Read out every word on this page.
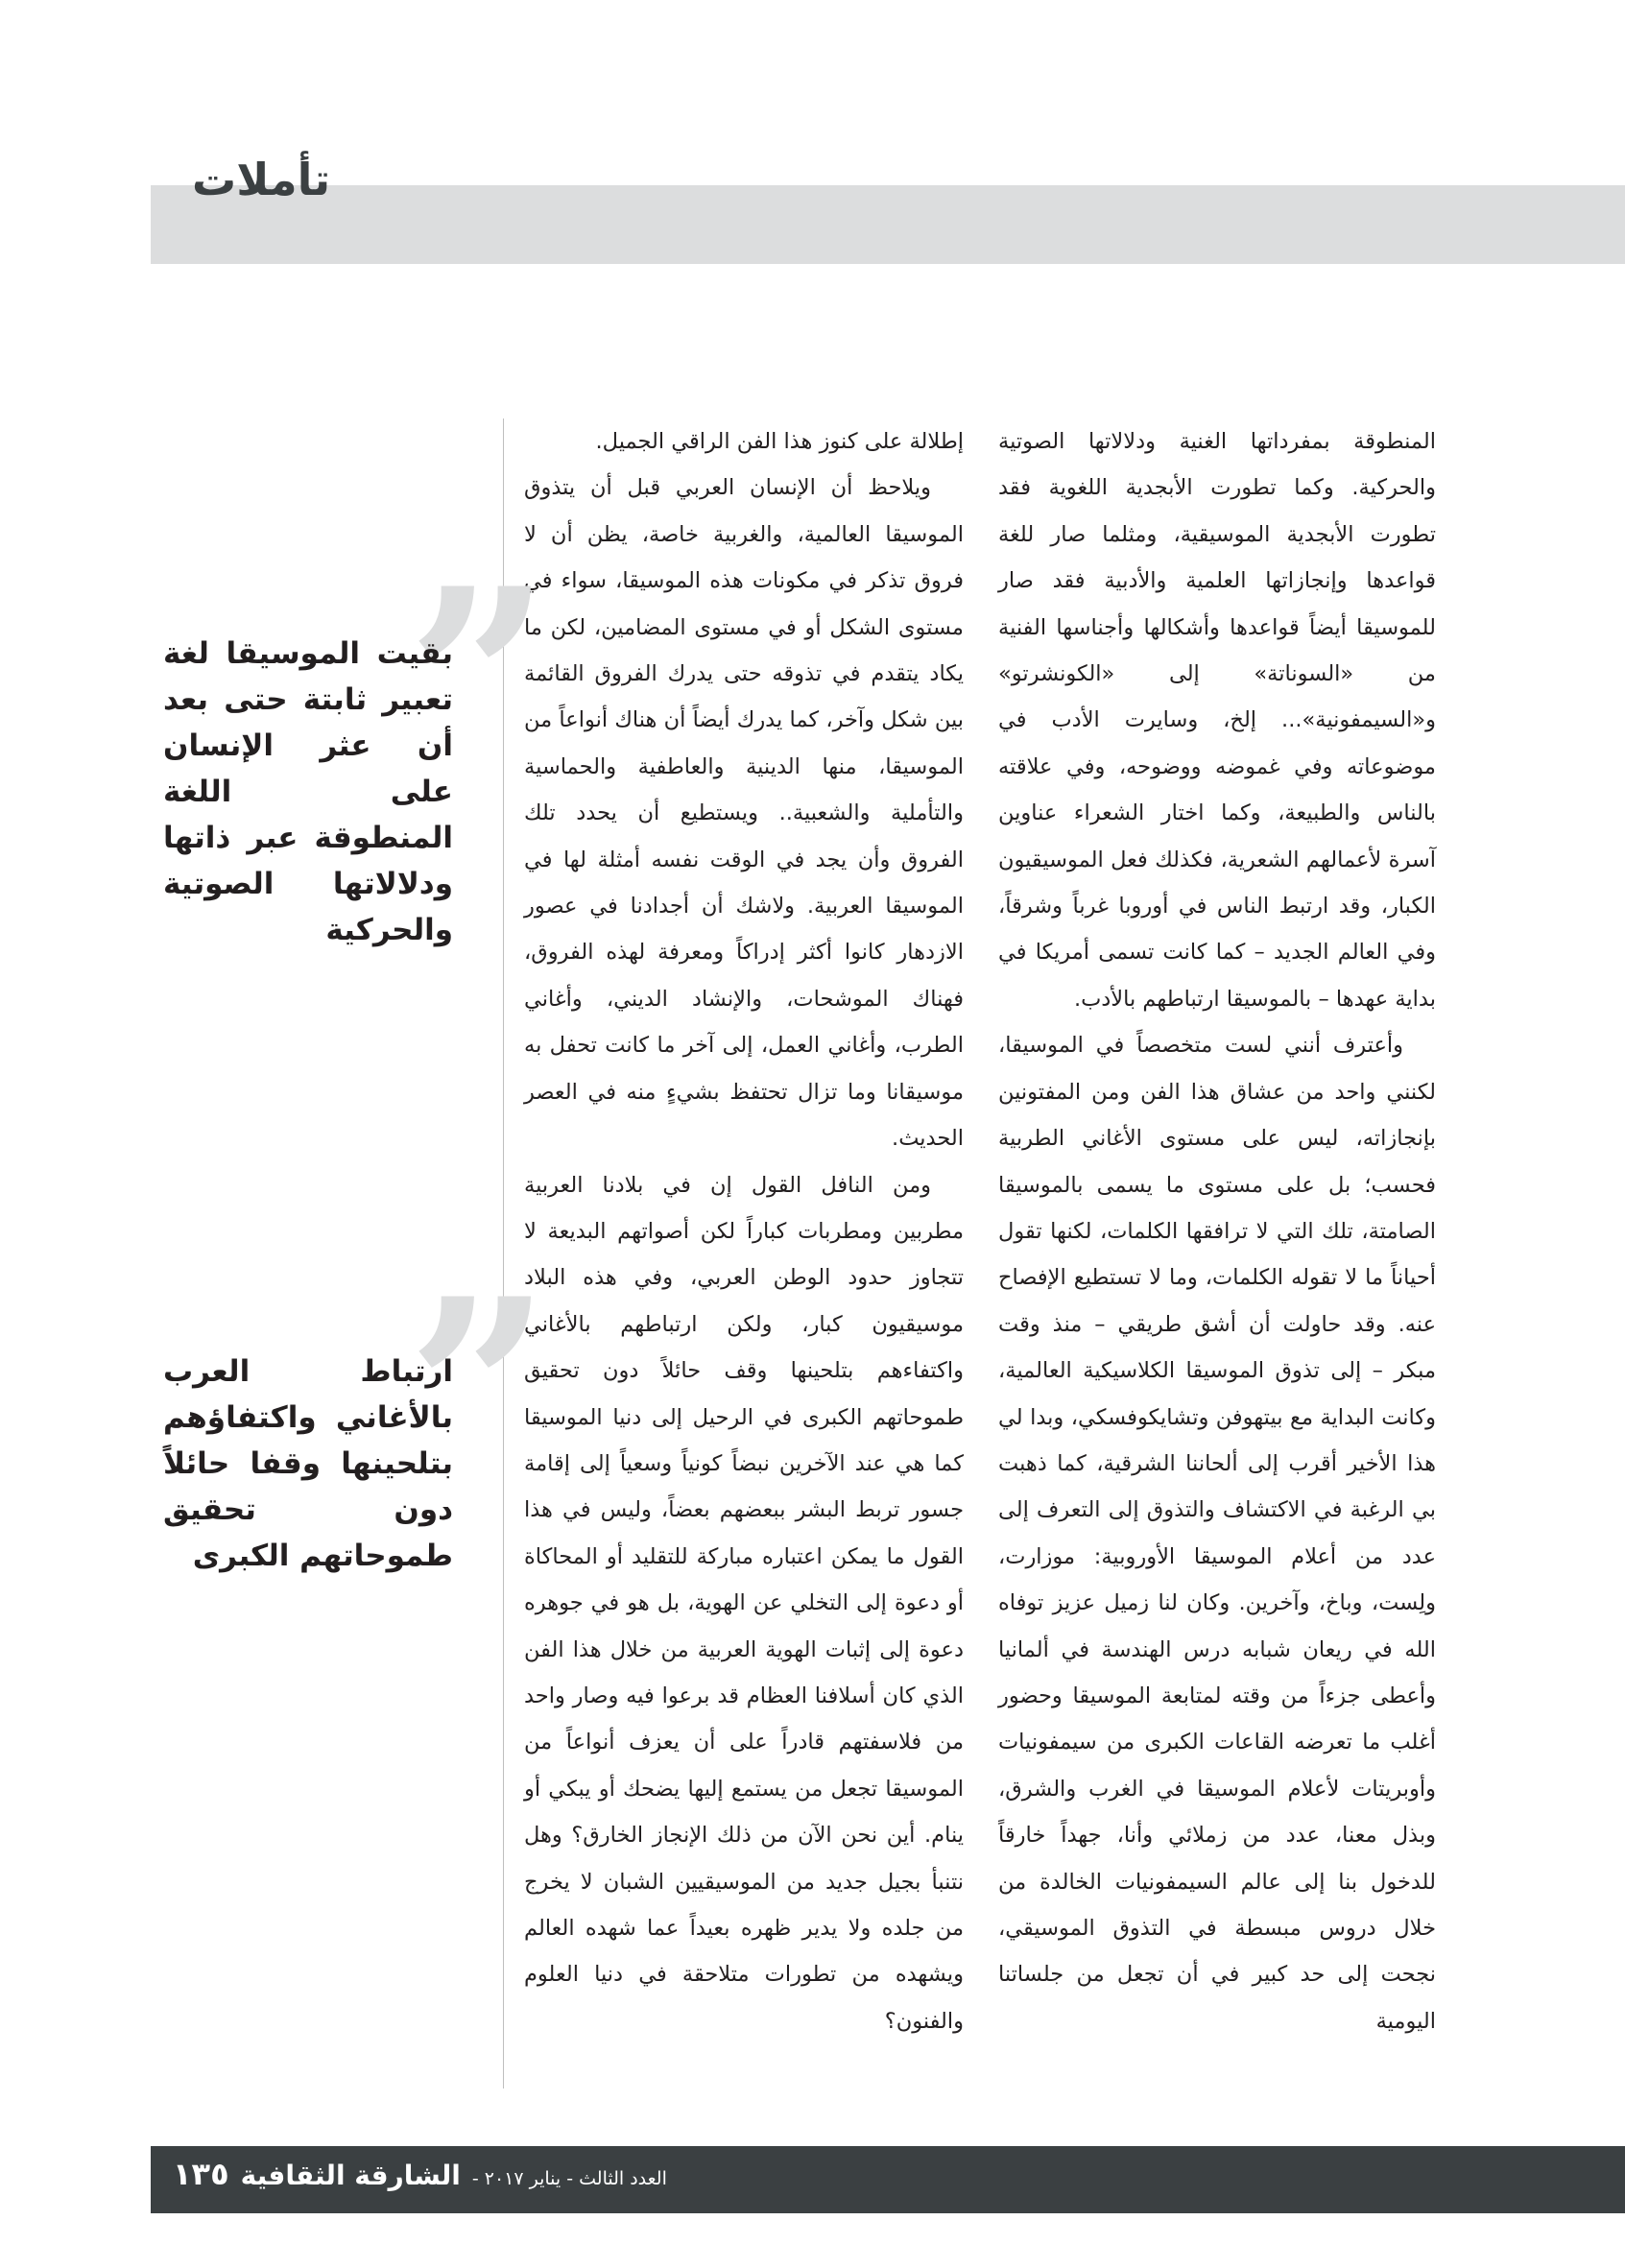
تأملات

المنطوقة بمفرداتها الغنية ودلالاتها الصوتية والحركية. وكما تطورت الأبجدية اللغوية فقد تطورت الأبجدية الموسيقية، ومثلما صار للغة قواعدها وإنجازاتها العلمية والأدبية فقد صار للموسيقا أيضاً قواعدها وأشكالها وأجناسها الفنية من «السوناتة» إلى «الكونشرتو» و«السيمفونية»... إلخ، وسايرت الأدب في موضوعاته وفي غموضه ووضوحه، وفي علاقته بالناس والطبيعة، وكما اختار الشعراء عناوين آسرة لأعمالهم الشعرية، فكذلك فعل الموسيقيون الكبار، وقد ارتبط الناس في أوروبا غرباً وشرقاً، وفي العالم الجديد – كما كانت تسمى أمريكا في بداية عهدها – بالموسيقا ارتباطهم بالأدب.

وأعترف أنني لست متخصصاً في الموسيقا، لكنني واحد من عشاق هذا الفن ومن المفتونين بإنجازاته، ليس على مستوى الأغاني الطربية فحسب؛ بل على مستوى ما يسمى بالموسيقا الصامتة، تلك التي لا ترافقها الكلمات، لكنها تقول أحياناً ما لا تقوله الكلمات، وما لا تستطيع الإفصاح عنه. وقد حاولت أن أشق طريقي – منذ وقت مبكر – إلى تذوق الموسيقا الكلاسيكية العالمية، وكانت البداية مع بيتهوفن وتشايكوفسكي، وبدا لي هذا الأخير أقرب إلى ألحاننا الشرقية، كما ذهبت بي الرغبة في الاكتشاف والتذوق إلى التعرف إلى عدد من أعلام الموسيقا الأوروبية: موزارت، ولِست، وباخ، وآخرين. وكان لنا زميل عزيز توفاه الله في ريعان شبابه درس الهندسة في ألمانيا وأعطى جزءاً من وقته لمتابعة الموسيقا وحضور أغلب ما تعرضه القاعات الكبرى من سيمفونيات وأوبريتات لأعلام الموسيقا في الغرب والشرق، وبذل معنا، عدد من زملائي وأنا، جهداً خارقاً للدخول بنا إلى عالم السيمفونيات الخالدة من خلال دروس مبسطة في التذوق الموسيقي، نجحت إلى حد كبير في أن تجعل من جلساتنا اليومية

إطلالة على كنوز هذا الفن الراقي الجميل.

ويلاحظ أن الإنسان العربي قبل أن يتذوق الموسيقا العالمية، والغربية خاصة، يظن أن لا فروق تذكر في مكونات هذه الموسيقا، سواء في مستوى الشكل أو في مستوى المضامين، لكن ما يكاد يتقدم في تذوقه حتى يدرك الفروق القائمة بين شكل وآخر، كما يدرك أيضاً أن هناك أنواعاً من الموسيقا، منها الدينية والعاطفية والحماسية والتأملية والشعبية.. ويستطيع أن يحدد تلك الفروق وأن يجد في الوقت نفسه أمثلة لها في الموسيقا العربية. ولاشك أن أجدادنا في عصور الازدهار كانوا أكثر إدراكاً ومعرفة لهذه الفروق، فهناك الموشحات، والإنشاد الديني، وأغاني الطرب، وأغاني العمل، إلى آخر ما كانت تحفل به موسيقانا وما تزال تحتفظ بشيءٍ منه في العصر الحديث.

ومن النافل القول إن في بلادنا العربية مطربين ومطربات كباراً لكن أصواتهم البديعة لا تتجاوز حدود الوطن العربي، وفي هذه البلاد موسيقيون كبار، ولكن ارتباطهم بالأغاني واكتفاءهم بتلحينها وقف حائلاً دون تحقيق طموحاتهم الكبرى في الرحيل إلى دنيا الموسيقا كما هي عند الآخرين نبضاً كونياً وسعياً إلى إقامة جسور تربط البشر ببعضهم بعضاً، وليس في هذا القول ما يمكن اعتباره مباركة للتقليد أو المحاكاة أو دعوة إلى التخلي عن الهوية، بل هو في جوهره دعوة إلى إثبات الهوية العربية من خلال هذا الفن الذي كان أسلافنا العظام قد برعوا فيه وصار واحد من فلاسفتهم قادراً على أن يعزف أنواعاً من الموسيقا تجعل من يستمع إليها يضحك أو يبكي أو ينام. أين نحن الآن من ذلك الإنجاز الخارق؟ وهل نتنبأ بجيل جديد من الموسيقيين الشبان لا يخرج من جلده ولا يدير ظهره بعيداً عما شهده العالم ويشهده من تطورات متلاحقة في دنيا العلوم والفنون؟

”
بقيت الموسيقا لغة تعبير ثابتة حتى بعد أن عثر الإنسان على اللغة المنطوقة عبر ذاتها ودلالاتها الصوتية والحركية
”
ارتباط العرب بالأغاني واكتفاؤهم بتلحينها وقفا حائلاً دون تحقيق طموحاتهم الكبرى
العدد الثالث - يناير ٢٠١٧ -
الشارقة الثقافية
١٣٥
